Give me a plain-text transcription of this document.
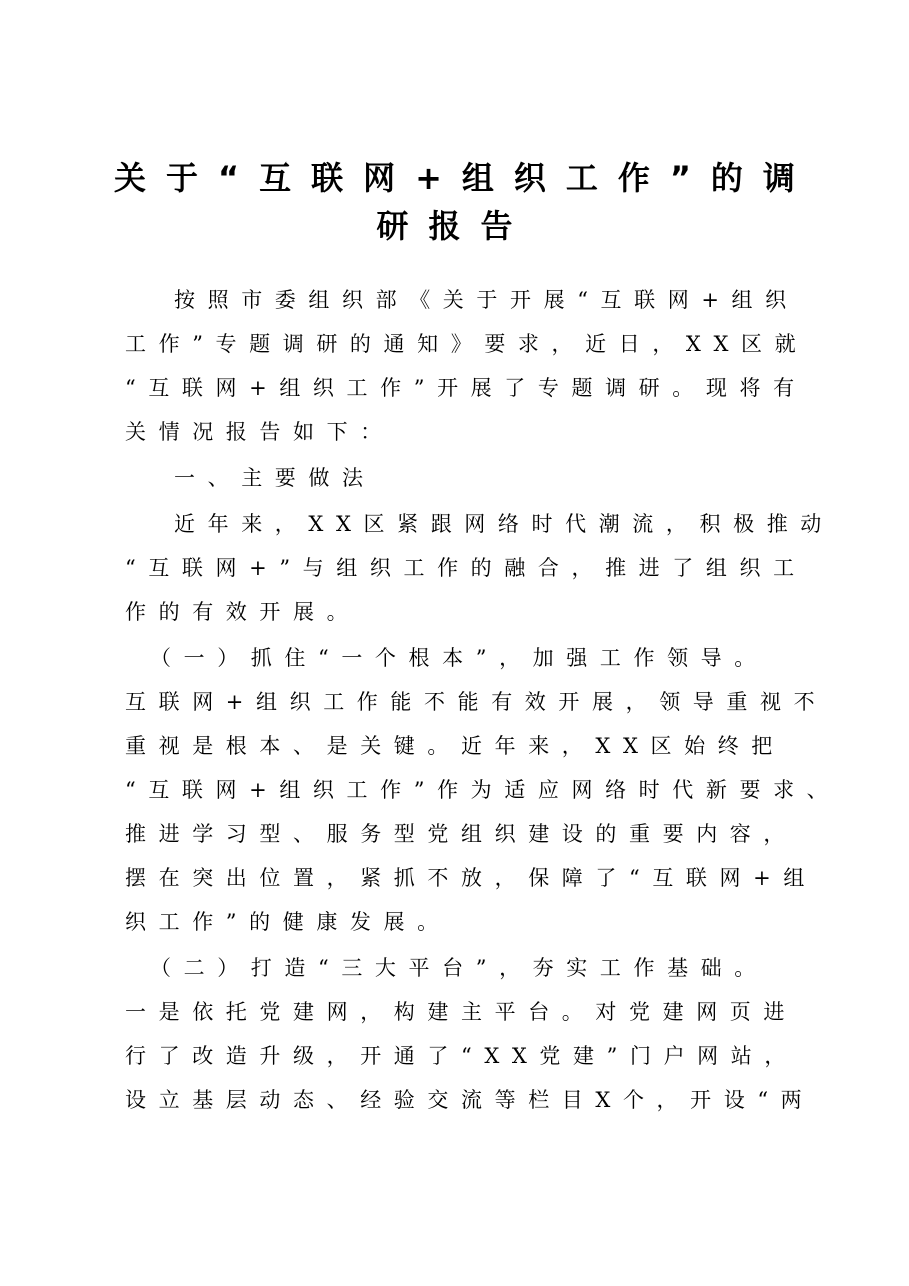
关于“互联网+组织工作”的调
研报告
按照市委组织部《关于开展“互联网+组织
工作”专题调研的通知》要求，近日，XX区就
“互联网+组织工作”开展了专题调研。现将有
关情况报告如下：
一、主要做法
近年来，XX区紧跟网络时代潮流，积极推动
“互联网+”与组织工作的融合，推进了组织工
作的有效开展。
（一）抓住“一个根本”，加强工作领导。
互联网+组织工作能不能有效开展，领导重视不
重视是根本、是关键。近年来，XX区始终把
“互联网+组织工作”作为适应网络时代新要求、
推进学习型、服务型党组织建设的重要内容，
摆在突出位置，紧抓不放，保障了“互联网+组
织工作”的健康发展。
（二）打造“三大平台”，夯实工作基础。
一是依托党建网，构建主平台。对党建网页进
行了改造升级，开通了“XX党建”门户网站，
设立基层动态、经验交流等栏目X个，开设“两
